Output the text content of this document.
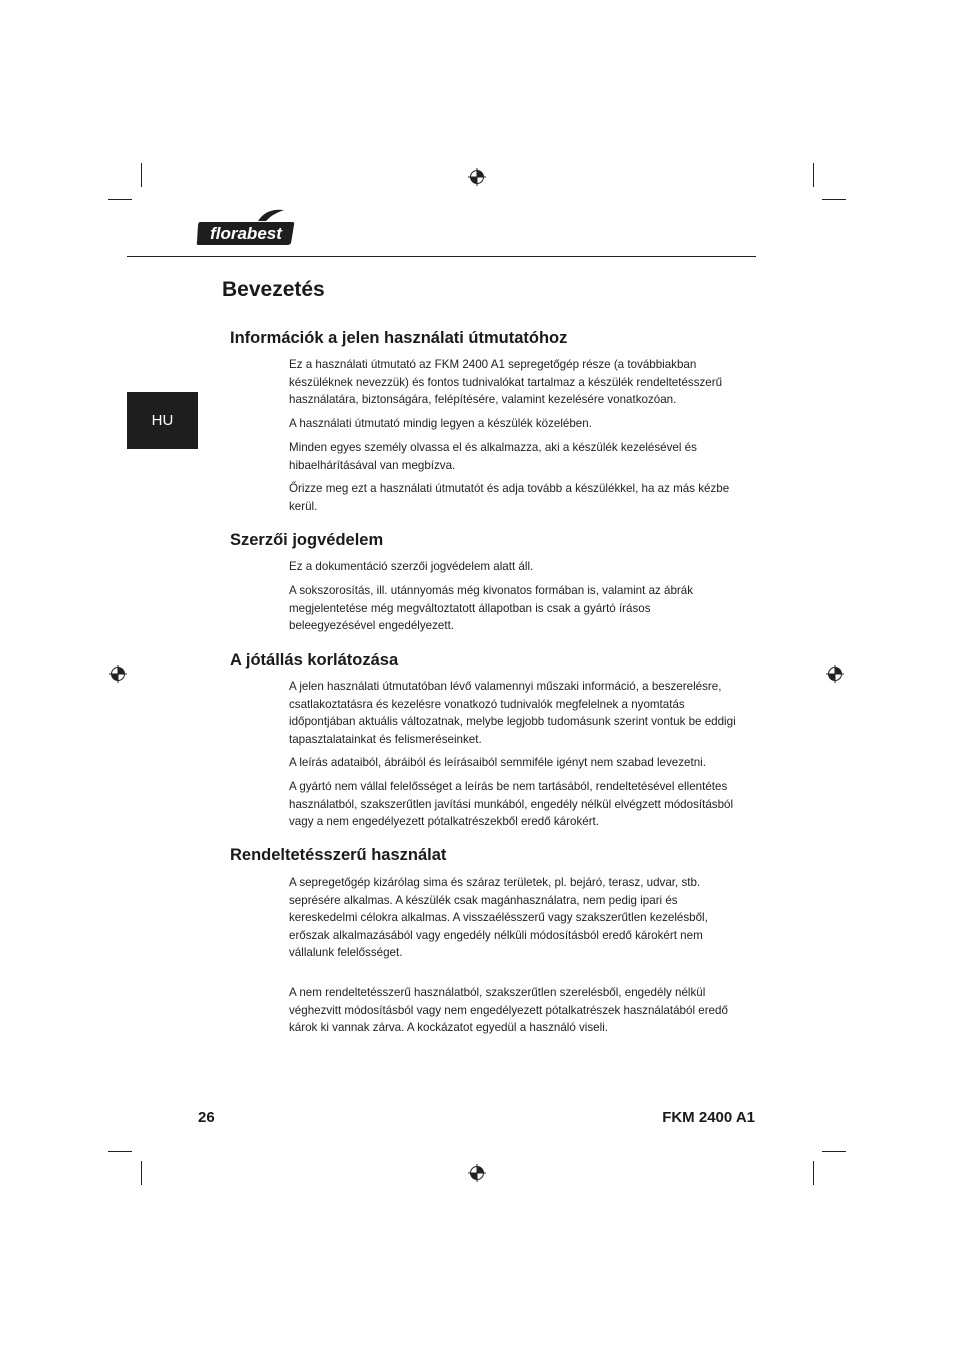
florabest
HU
Bevezetés
Információk a jelen használati útmutatóhoz

Ez a használati útmutató az FKM 2400 A1 sepregetőgép része (a továbbiakban készüléknek nevezzük) és fontos tudnivalókat tartalmaz a készülék rendeltetésszerű használatára, biztonságára, felépítésére, valamint kezelésére vonatkozóan.

A használati útmutató mindig legyen a készülék közelében.

Minden egyes személy olvassa el és alkalmazza, aki a készülék kezelésével és hibaelhárításával van megbízva.

Őrizze meg ezt a használati útmutatót és adja tovább a készülékkel, ha az más kézbe kerül.

Szerzői jogvédelem

Ez a dokumentáció szerzői jogvédelem alatt áll.

A sokszorosítás, ill. utánnyomás még kivonatos formában is, valamint az ábrák megjelentetése még megváltoztatott állapotban is csak a gyártó írásos beleegyezésével engedélyezett.

A jótállás korlátozása

A jelen használati útmutatóban lévő valamennyi műszaki információ, a beszerelésre, csatlakoztatásra és kezelésre vonatkozó tudnivalók megfelelnek a nyomtatás időpontjában aktuális változatnak, melybe legjobb tudomásunk szerint vontuk be eddigi tapasztalatainkat és felismeréseinket.

A leírás adataiból, ábráiból és leírásaiból semmiféle igényt nem szabad levezetni.

A gyártó nem vállal felelősséget a leírás be nem tartásából, rendeltetésével ellentétes használatból, szakszerűtlen javítási munkából, engedély nélkül elvégzett módosításból vagy a nem engedélyezett pótalkatrészekből eredő károkért.

Rendeltetésszerű használat

A sepregetőgép kizárólag sima és száraz területek, pl. bejáró, terasz, udvar, stb. seprésére alkalmas. A készülék csak magánhasználatra, nem pedig ipari és kereskedelmi célokra alkalmas. A visszaélésszerű vagy szakszerűtlen kezelésből, erőszak alkalmazásából vagy engedély nélküli módosításból eredő károkért nem vállalunk felelősséget.

A nem rendeltetésszerű használatból, szakszerűtlen szerelésből, engedély nélkül véghezvitt módosításból vagy nem engedélyezett pótalkatrészek használatából eredő károk ki vannak zárva. A kockázatot egyedül a használó viseli.

26	FKM 2400 A1
